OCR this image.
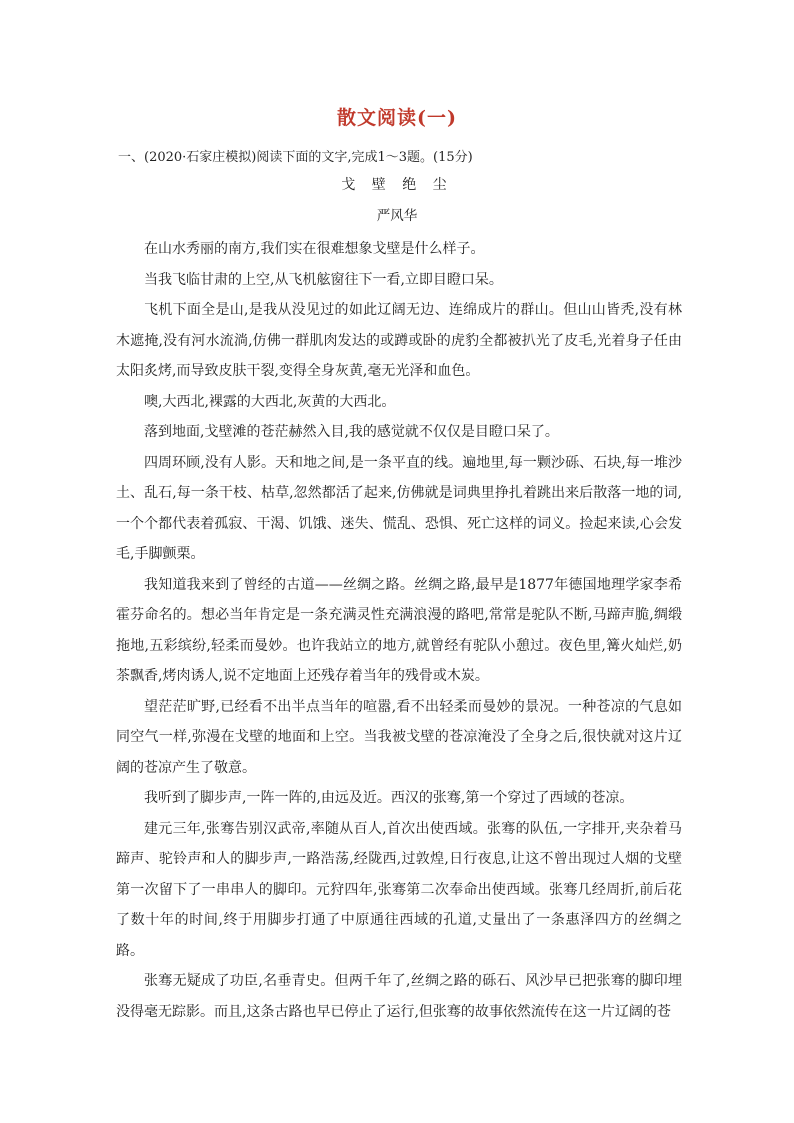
散文阅读(一)
一、(2020·石家庄模拟)阅读下面的文字,完成1～3题。(15分)
戈 壁 绝 尘
严风华

在山水秀丽的南方,我们实在很难想象戈壁是什么样子。

当我飞临甘肃的上空,从飞机舷窗往下一看,立即目瞪口呆。

飞机下面全是山,是我从没见过的如此辽阔无边、连绵成片的群山。但山山皆秃,没有林木遮掩,没有河水流淌,仿佛一群肌肉发达的或蹲或卧的虎豹全都被扒光了皮毛,光着身子任由太阳炙烤,而导致皮肤干裂,变得全身灰黄,毫无光泽和血色。

噢,大西北,裸露的大西北,灰黄的大西北。

落到地面,戈壁滩的苍茫赫然入目,我的感觉就不仅仅是目瞪口呆了。

四周环顾,没有人影。天和地之间,是一条平直的线。遍地里,每一颗沙砾、石块,每一堆沙土、乱石,每一条干枝、枯草,忽然都活了起来,仿佛就是词典里挣扎着跳出来后散落一地的词,一个个都代表着孤寂、干渴、饥饿、迷失、慌乱、恐惧、死亡这样的词义。捡起来读,心会发毛,手脚颤栗。

我知道我来到了曾经的古道——丝绸之路。丝绸之路,最早是1877年德国地理学家李希霍芬命名的。想必当年肯定是一条充满灵性充满浪漫的路吧,常常是驼队不断,马蹄声脆,绸缎拖地,五彩缤纷,轻柔而曼妙。也许我站立的地方,就曾经有驼队小憩过。夜色里,篝火灿烂,奶茶飘香,烤肉诱人,说不定地面上还残存着当年的残骨或木炭。

望茫茫旷野,已经看不出半点当年的喧嚣,看不出轻柔而曼妙的景况。一种苍凉的气息如同空气一样,弥漫在戈壁的地面和上空。当我被戈壁的苍凉淹没了全身之后,很快就对这片辽阔的苍凉产生了敬意。

我听到了脚步声,一阵一阵的,由远及近。西汉的张骞,第一个穿过了西域的苍凉。

建元三年,张骞告别汉武帝,率随从百人,首次出使西域。张骞的队伍,一字排开,夹杂着马蹄声、驼铃声和人的脚步声,一路浩荡,经陇西,过敦煌,日行夜息,让这不曾出现过人烟的戈壁第一次留下了一串串人的脚印。元狩四年,张骞第二次奉命出使西域。张骞几经周折,前后花了数十年的时间,终于用脚步打通了中原通往西域的孔道,丈量出了一条惠泽四方的丝绸之路。

张骞无疑成了功臣,名垂青史。但两千年了,丝绸之路的砾石、风沙早已把张骞的脚印埋没得毫无踪影。而且,这条古路也早已停止了运行,但张骞的故事依然流传在这一片辽阔的苍
